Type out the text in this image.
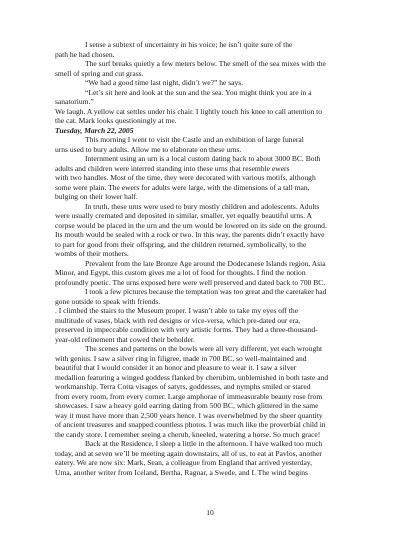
I sense a subtext of uncertainty in his voice; he isn’t quite sure of the
path he had chosen.
The surf breaks quietly a few meters below. The smell of the sea mixes with the
smell of spring and cut grass.
“We had a good time last night, didn’t we?” he says.
“Let’s sit here and look at the sun and the sea. You might think you are in a
sanatorium.”
We laugh. A yellow cat settles under his chair. I lightly touch his knee to call attention to
the cat. Mark looks questioningly at me.
Tuesday, March 22, 2005
This morning I went to visit the Castle and an exhibition of large funeral
urns used to bury adults. Allow me to elaborate on these urns.
Internment using an urn is a local custom dating back to about 3000 BC. Both
adults and children were interred standing into these urns that resemble ewers
with two handles. Most of the time, they were decorated with various motifs, although
some were plain. The ewers for adults were large, with the dimensions of a tall man,
bulging on their lower half.
In truth, these urns were used to bury mostly children and adolescents. Adults
were usually cremated and deposited in similar, smaller, yet equally beautiful urns. A
corpse would be placed in the urn and the urn would be lowered on its side on the ground.
Its mouth would be sealed with a rock or two. In this way, the parents didn’t exactly have
to part for good from their offspring, and the children returned, symbolically, to the
wombs of their mothers.
Prevalent from the late Bronze Age around the Dodecanese Islands region, Asia
Minor, and Egypt, this custom gives me a lot of food for thoughts. I find the notion
profoundly poetic. The urns exposed here were well preserved and dated back to 700 BC.
I took a few pictures because the temptation was too great and the caretaker had
gone outside to speak with friends.
. I climbed the stairs to the Museum proper. I wasn’t able to take my eyes off the
multitude of vases, black with red designs or vice-versa, which pre-dated our era,
preserved in impeccable condition with very artistic forms. They had a three-thousand-
year-old refinement that cowed their beholder.
The scenes and patterns on the bowls were all very different, yet each wrought
with genius. I saw a silver ring in filigree, made in 700 BC, so well-maintained and
beautiful that I would consider it an honor and pleasure to wear it. I saw a silver
medallion featuring a winged goddess flanked by cherubim, unblemished in both taste and
workmanship. Terra Cotta visages of satyrs, goddesses, and nymphs smiled or stared
from every room, from every corner. Large amphorae of immeasurable beauty rose from
showcases. I saw a heavy gold earring dating from 500 BC, which glittered in the same
way it must have more than 2,500 years hence. I was overwhelmed by the sheer quantity
of ancient treasures and snapped countless photos. I was much like the proverbial child in
the candy store. I remember seeing a cherub, kneeled, watering a horse. So much grace!
Back at the Residence, I sleep a little in the afternoon. I have walked too much
today, and at seven we’ll be meeting again downstairs, all of us, to eat at Pavlos, another
eatery. We are now six: Mark, Sean, a colleague from England that arrived yesterday,
Uma, another writer from Iceland, Bertha, Ragnar, a Swede, and I. The wind begins
10
